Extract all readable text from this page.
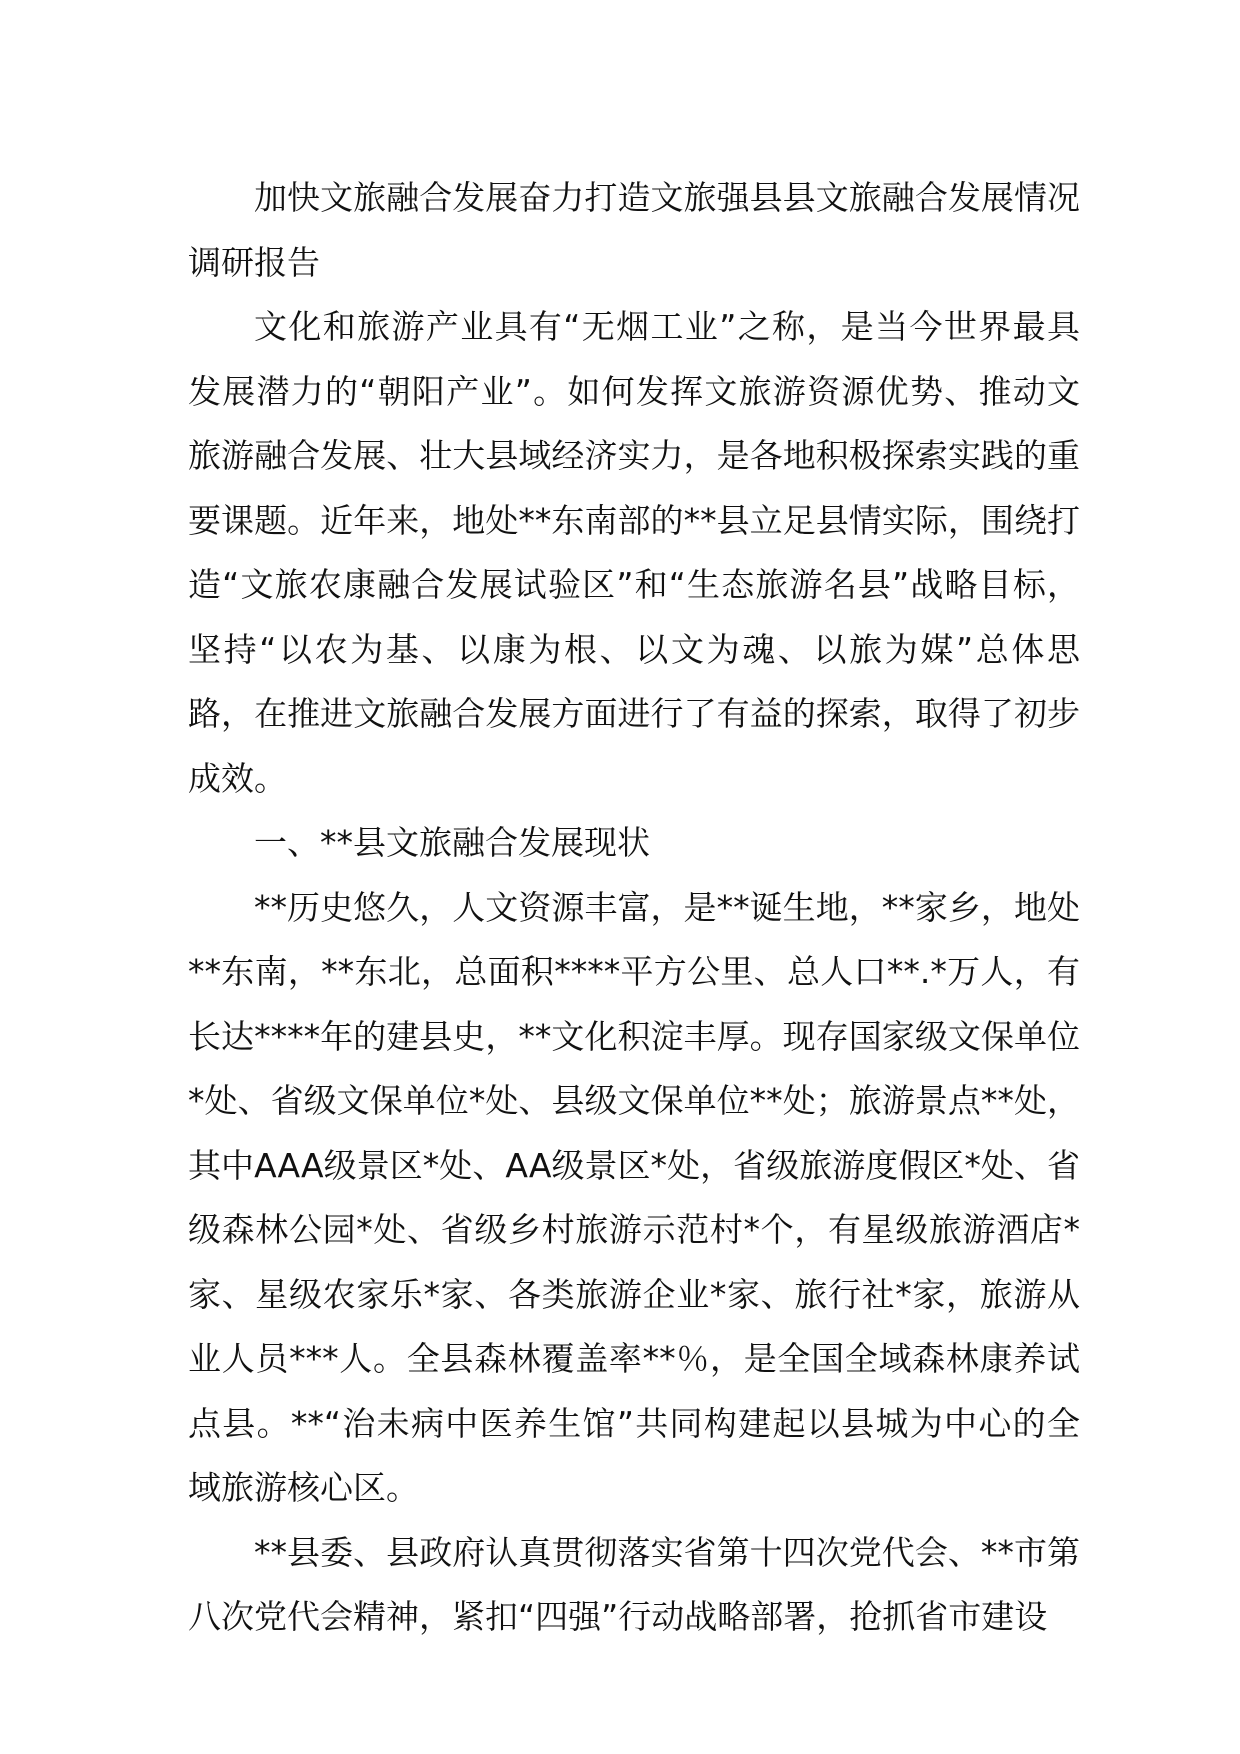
加快文旅融合发展奋力打造文旅强县县文旅融合发展情况调研报告

文化和旅游产业具有“无烟工业”之称，是当今世界最具发展潜力的“朝阳产业”。如何发挥文旅游资源优势、推动文旅游融合发展、壮大县域经济实力，是各地积极探索实践的重要课题。近年来，地处**东南部的**县立足县情实际，围绕打造“文旅农康融合发展试验区”和“生态旅游名县”战略目标，坚持“以农为基、以康为根、以文为魂、以旅为媒”总体思路，在推进文旅融合发展方面进行了有益的探索，取得了初步成效。

一、**县文旅融合发展现状

**历史悠久，人文资源丰富，是**诞生地，**家乡，地处**东南，**东北，总面积****平方公里、总人口**.*万人，有长达****年的建县史，**文化积淀丰厚。现存国家级文保单位*处、省级文保单位*处、县级文保单位**处；旅游景点**处，其中AAA级景区*处、AA级景区*处，省级旅游度假区*处、省级森林公园*处、省级乡村旅游示范村*个，有星级旅游酒店*家、星级农家乐*家、各类旅游企业*家、旅行社*家，旅游从业人员***人。全县森林覆盖率**％，是全国全域森林康养试点县。**“治未病中医养生馆”共同构建起以县城为中心的全域旅游核心区。

**县委、县政府认真贯彻落实省第十四次党代会、**市第八次党代会精神，紧扣“四强”行动战略部署，抢抓省市建设
